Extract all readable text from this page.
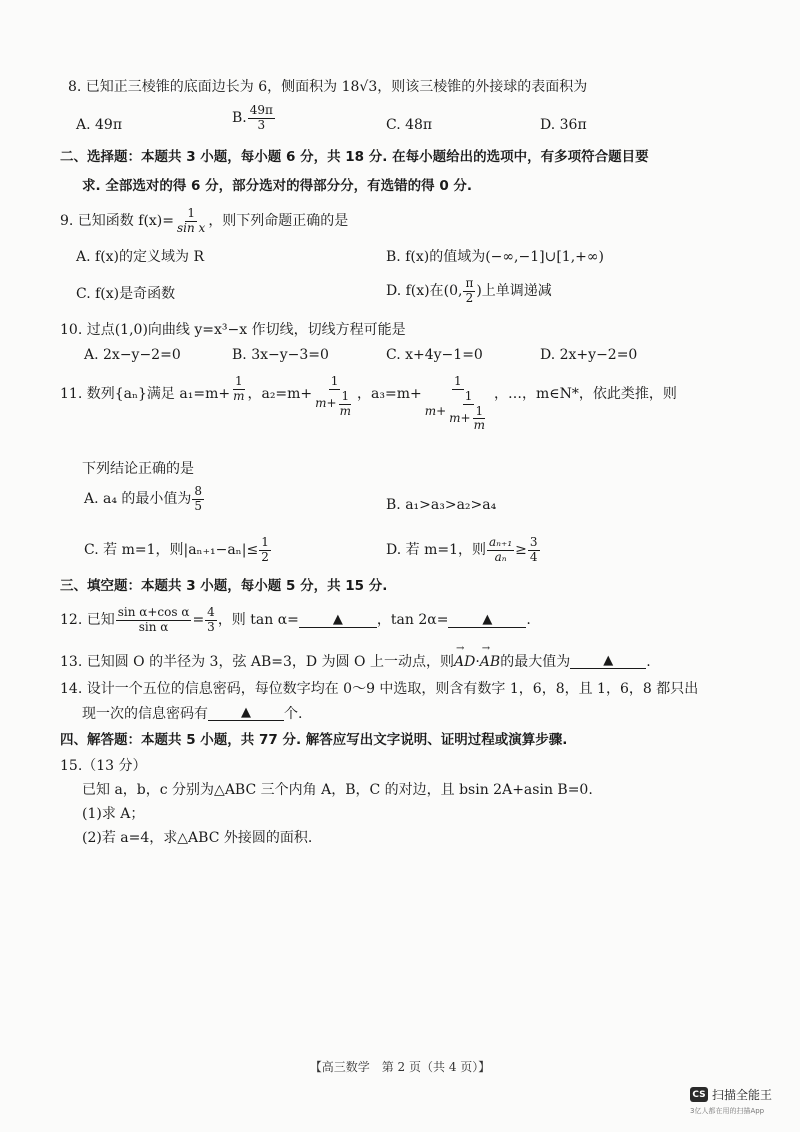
8. 已知正三棱锥的底面边长为 6，侧面积为 18√3，则该三棱锥的外接球的表面积为
A. 49π	B. $\frac{49\pi}{3}$	C. 48π	D. 36π
二、选择题：本题共 3 小题，每小题 6 分，共 18 分. 在每小题给出的选项中，有多项符合题目要
求. 全部选对的得 6 分，部分选对的得部分分，有选错的得 0 分.
9. 已知函数 $f(x)= \frac{1}{\text{sin x}}$ ，则下列命题正确的是
A. f(x)的定义域为 R	B. f(x)的值域为(−∞,−1]∪[1,+∞)
C. f(x)是奇函数	D. f(x)在(0, $\frac{\pi}{2}$ )上单调递减
10. 过点(1,0)向曲线 y=x³−x 作切线，切线方程可能是
A. 2x−y−2=0	B. 3x−y−3=0	C. x+4y−1=0	D. 2x+y−2=0
11. 数列{aₙ}满足 $a_1=m+ \frac{1}{m}$ ，$a_2=m+ \frac{1}{m+ \frac{1}{m}}$ ，a₃=m+
1
$m+ \frac{1}{m+ \frac{1}{m}}$ ，…，m∈N*，依此类推，则
下列结论正确的是
A. a₄ 的最小值为 $\frac{8}{5}$	B. a₁>a₃>a₂>a₄
C. 若 m=1，则$|a_{n+1}-a_n|\le \frac{1}{2}$	D. 若 m=1，则 $\frac{\text{aₙ₊₁}}{\text{aₙ}} \ge \frac{3}{4}$
三、填空题：本题共 3 小题，每小题 5 分，共 15 分.
12. 已知 $\frac{\text{sin α+cos α}}{\text{sin α}} = \frac{4}{3}$ ，则 tan α=	▲	，tan 2α=	▲	.
13. 已知圆 O 的半径为 3，弦 AB=3，D 为圆 O 上一动点，则 → AD · → AB 的最大值为	▲	.
14. 设计一个五位的信息密码，每位数字均在 0～9 中选取，则含有数字 1，6，8，且 1，6，8 都只出
现一次的信息密码有	▲	个.
四、解答题：本题共 5 小题，共 77 分. 解答应写出文字说明、证明过程或演算步骤.
15.（13 分）
已知 a，b，c 分别为△ABC 三个内角 A，B，C 的对边，且 bsin 2A+asin B=0.
(1)求 A；
(2)若 a=4，求△ABC 外接圆的面积.
【高三数学　第 2 页（共 4 页）】
CS 扫描全能王
3亿人都在用的扫描App
